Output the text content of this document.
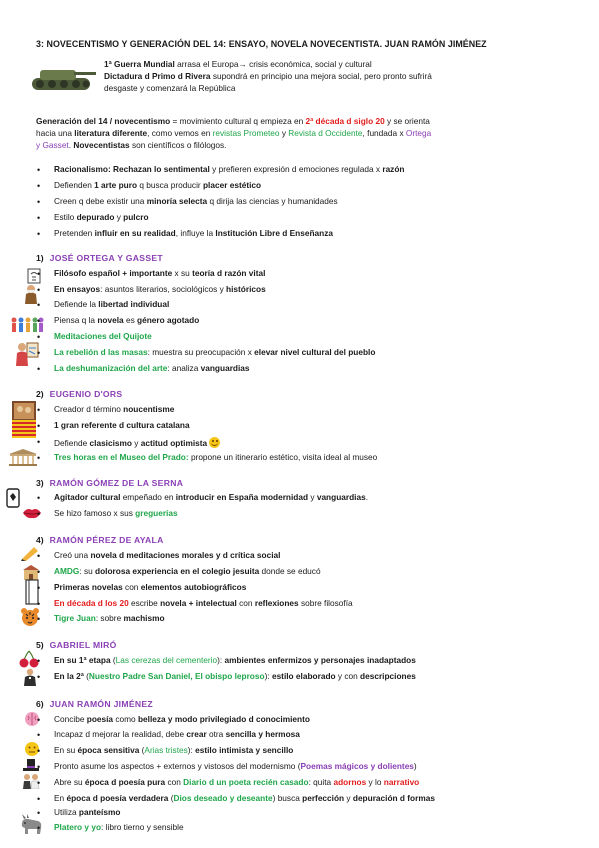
3: NOVECENTISMO Y GENERACIÓN DEL 14: ENSAYO, NOVELA NOVECENTISTA. JUAN RAMÓN JIMÉNEZ
1ª Guerra Mundial arrasa el Europa→ crisis económica, social y cultural
Dictadura d Primo d Rivera supondrá en principio una mejora social, pero pronto sufrirá
desgaste y comenzará la República
Generación del 14 / novecentismo = movimiento cultural q empieza en 2ª década d siglo 20 y se orienta
hacia una literatura diferente, como vemos en revistas Prometeo y Revista d Occidente, fundada x Ortega
y Gasset. Novecentistas son científicos o filólogos.
• Racionalismo: Rechazan lo sentimental y prefieren expresión d emociones regulada x razón
• Defienden 1 arte puro q busca producir placer estético
• Creen q debe existir una minoría selecta q dirija las ciencias y humanidades
• Estilo depurado y pulcro
• Pretenden influir en su realidad, influye la Institución Libre d Enseñanza
1) JOSÉ ORTEGA Y GASSET
• Filósofo español + importante x su teoría d razón vital
• En ensayos: asuntos literarios, sociológicos y históricos
• Defiende la libertad individual
• Piensa q la novela es género agotado
• Meditaciones del Quijote
• La rebelión d las masas: muestra su preocupación x elevar nivel cultural del pueblo
• La deshumanización del arte: analiza vanguardias
2) EUGENIO D'ORS
• Creador d término noucentisme
• 1 gran referente d cultura catalana
• Defiende clasicismo y actitud optimista
• Tres horas en el Museo del Prado: propone un itinerario estético, visita ideal al museo
3) RAMÓN GÓMEZ DE LA SERNA
• Agitador cultural empeñado en introducir en España modernidad y vanguardias.
• Se hizo famoso x sus greguerías
4) RAMÓN PÉREZ DE AYALA
• Creó una novela d meditaciones morales y d crítica social
• AMDG: su dolorosa experiencia en el colegio jesuita donde se educó
• Primeras novelas con elementos autobiográficos
• En década d los 20 escribe novela + intelectual con reflexiones sobre filosofía
• Tigre Juan: sobre machismo
5) GABRIEL MIRÓ
• En su 1ª etapa (Las cerezas del cementerio): ambientes enfermizos y personajes inadaptados
• En la 2ª (Nuestro Padre San Daniel, El obispo leproso): estilo elaborado y con descripciones
6) JUAN RAMÓN JIMÉNEZ
• Concibe poesía como belleza y modo privilegiado d conocimiento
• Incapaz d mejorar la realidad, debe crear otra sencilla y hermosa
• En su época sensitiva (Arias tristes): estilo intimista y sencillo
• Pronto asume los aspectos + externos y vistosos del modernismo (Poemas mágicos y dolientes)
• Abre su época d poesía pura con Diario d un poeta recién casado: quita adornos y lo narrativo
• En época d poesía verdadera (Dios deseado y deseante) busca perfección y depuración d formas
• Utiliza panteísmo
• Platero y yo: libro tierno y sensible
